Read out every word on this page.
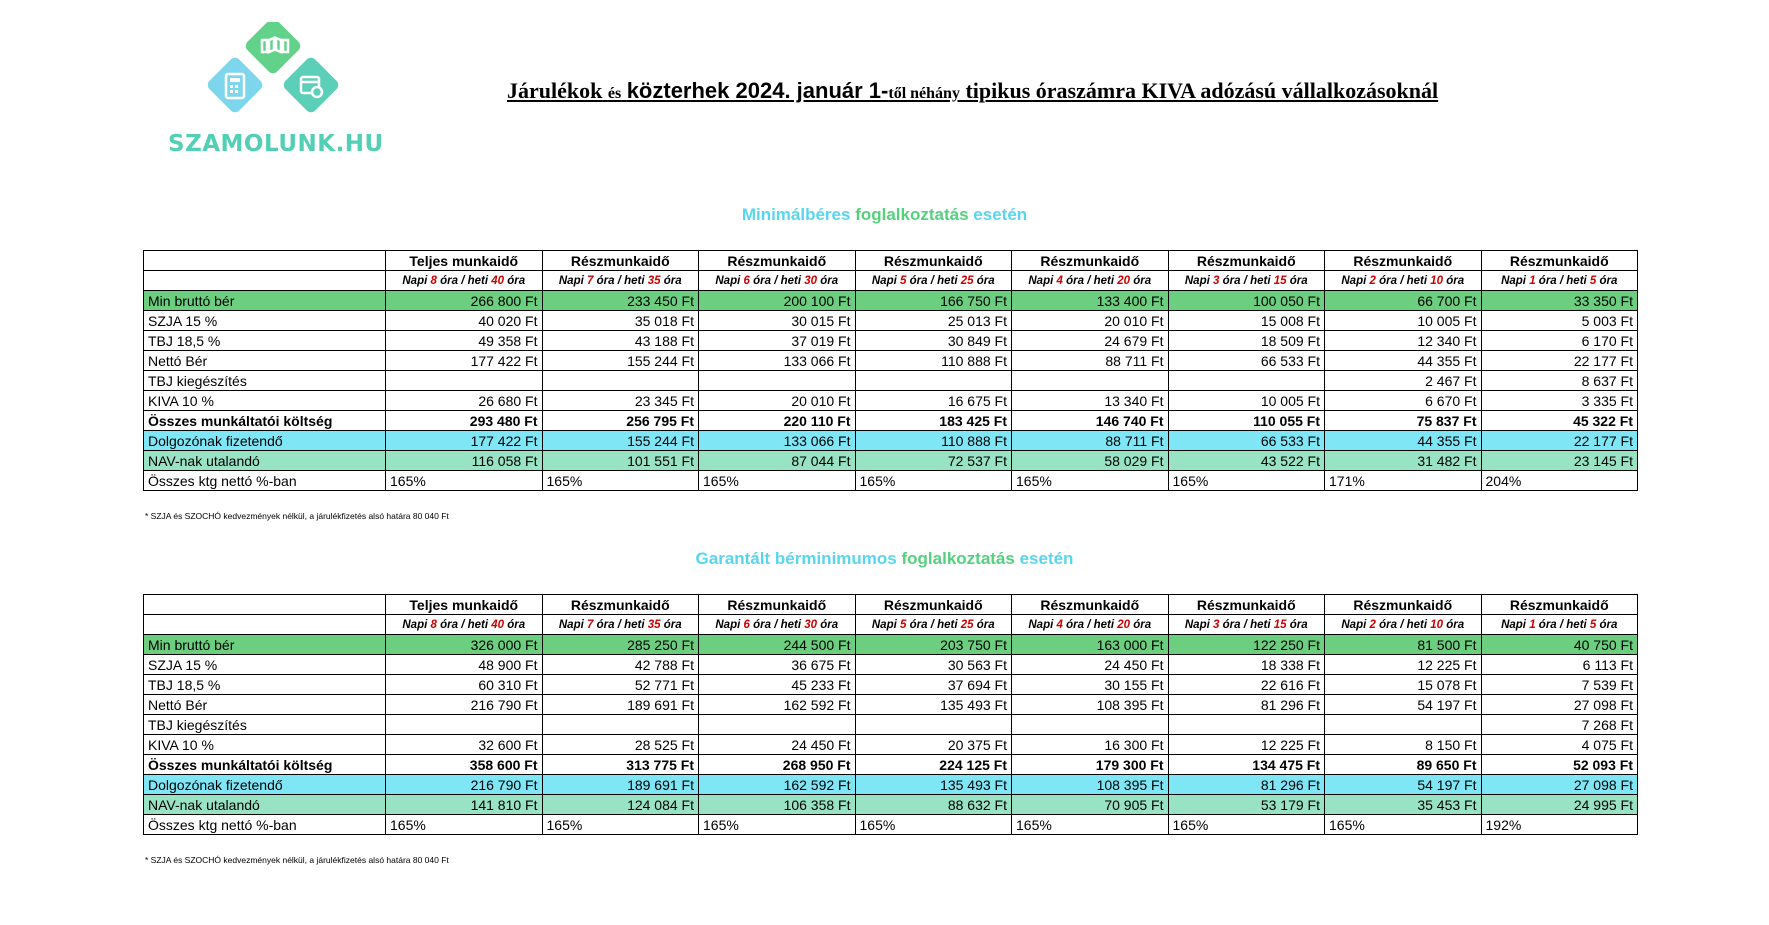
SZAMOLUNK.HU
Járulékok és közterhek 2024. január 1-től néhány tipikus óraszámra KIVA adózású vállalkozásoknál
Minimálbéres foglalkoztatás esetén
	Teljes munkaidő	Részmunkaidő	Részmunkaidő	Részmunkaidő	Részmunkaidő	Részmunkaidő	Részmunkaidő	Részmunkaidő
	Napi 8 óra / heti 40 óra	Napi 7 óra / heti 35 óra	Napi 6 óra / heti 30 óra	Napi 5 óra / heti 25 óra	Napi 4 óra / heti 20 óra	Napi 3 óra / heti 15 óra	Napi 2 óra / heti 10 óra	Napi 1 óra / heti 5 óra
Min bruttó bér	266 800 Ft	233 450 Ft	200 100 Ft	166 750 Ft	133 400 Ft	100 050 Ft	66 700 Ft	33 350 Ft
SZJA 15 %	40 020 Ft	35 018 Ft	30 015 Ft	25 013 Ft	20 010 Ft	15 008 Ft	10 005 Ft	5 003 Ft
TBJ 18,5 %	49 358 Ft	43 188 Ft	37 019 Ft	30 849 Ft	24 679 Ft	18 509 Ft	12 340 Ft	6 170 Ft
Nettó Bér	177 422 Ft	155 244 Ft	133 066 Ft	110 888 Ft	88 711 Ft	66 533 Ft	44 355 Ft	22 177 Ft
TBJ kiegészítés							2 467 Ft	8 637 Ft
KIVA 10 %	26 680 Ft	23 345 Ft	20 010 Ft	16 675 Ft	13 340 Ft	10 005 Ft	6 670 Ft	3 335 Ft
Összes munkáltatói költség	293 480 Ft	256 795 Ft	220 110 Ft	183 425 Ft	146 740 Ft	110 055 Ft	75 837 Ft	45 322 Ft
Dolgozónak fizetendő	177 422 Ft	155 244 Ft	133 066 Ft	110 888 Ft	88 711 Ft	66 533 Ft	44 355 Ft	22 177 Ft
NAV-nak utalandó	116 058 Ft	101 551 Ft	87 044 Ft	72 537 Ft	58 029 Ft	43 522 Ft	31 482 Ft	23 145 Ft
Összes ktg nettó %-ban	165%	165%	165%	165%	165%	165%	171%	204%
* SZJA és SZOCHÓ kedvezmények nélkül, a járulékfizetés alsó határa 80 040 Ft
Garantált bérminimumos foglalkoztatás esetén
	Teljes munkaidő	Részmunkaidő	Részmunkaidő	Részmunkaidő	Részmunkaidő	Részmunkaidő	Részmunkaidő	Részmunkaidő
	Napi 8 óra / heti 40 óra	Napi 7 óra / heti 35 óra	Napi 6 óra / heti 30 óra	Napi 5 óra / heti 25 óra	Napi 4 óra / heti 20 óra	Napi 3 óra / heti 15 óra	Napi 2 óra / heti 10 óra	Napi 1 óra / heti 5 óra
Min bruttó bér	326 000 Ft	285 250 Ft	244 500 Ft	203 750 Ft	163 000 Ft	122 250 Ft	81 500 Ft	40 750 Ft
SZJA 15 %	48 900 Ft	42 788 Ft	36 675 Ft	30 563 Ft	24 450 Ft	18 338 Ft	12 225 Ft	6 113 Ft
TBJ 18,5 %	60 310 Ft	52 771 Ft	45 233 Ft	37 694 Ft	30 155 Ft	22 616 Ft	15 078 Ft	7 539 Ft
Nettó Bér	216 790 Ft	189 691 Ft	162 592 Ft	135 493 Ft	108 395 Ft	81 296 Ft	54 197 Ft	27 098 Ft
TBJ kiegészítés								7 268 Ft
KIVA 10 %	32 600 Ft	28 525 Ft	24 450 Ft	20 375 Ft	16 300 Ft	12 225 Ft	8 150 Ft	4 075 Ft
Összes munkáltatói költség	358 600 Ft	313 775 Ft	268 950 Ft	224 125 Ft	179 300 Ft	134 475 Ft	89 650 Ft	52 093 Ft
Dolgozónak fizetendő	216 790 Ft	189 691 Ft	162 592 Ft	135 493 Ft	108 395 Ft	81 296 Ft	54 197 Ft	27 098 Ft
NAV-nak utalandó	141 810 Ft	124 084 Ft	106 358 Ft	88 632 Ft	70 905 Ft	53 179 Ft	35 453 Ft	24 995 Ft
Összes ktg nettó %-ban	165%	165%	165%	165%	165%	165%	165%	192%
* SZJA és SZOCHÓ kedvezmények nélkül, a járulékfizetés alsó határa 80 040 Ft
